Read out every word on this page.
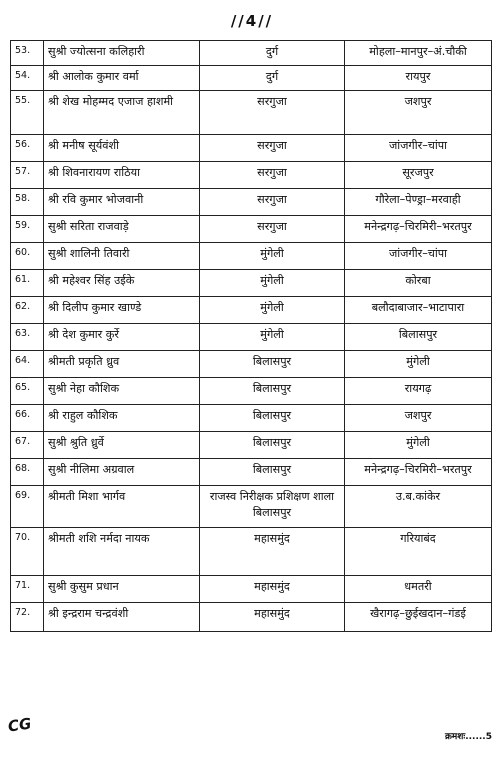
//4//
53.	सुश्री ज्योत्सना कलिहारी	दुर्ग	मोहला–मानपुर–अं.चौकी
54.	श्री आलोक कुमार वर्मा	दुर्ग	रायपुर
55.	श्री शेख मोहम्मद एजाज हाशमी	सरगुजा	जशपुर
56.	श्री मनीष सूर्यवंशी	सरगुजा	जांजगीर–चांपा
57.	श्री शिवनारायण राठिया	सरगुजा	सूरजपुर
58.	श्री रवि कुमार भोजवानी	सरगुजा	गौरेला–पेण्ड्रा–मरवाही
59.	सुश्री सरिता राजवाड़े	सरगुजा	मनेन्द्रगढ़–चिरमिरी–भरतपुर
60.	सुश्री शालिनी तिवारी	मुंगेली	जांजगीर–चांपा
61.	श्री महेश्वर सिंह उईके	मुंगेली	कोरबा
62.	श्री दिलीप कुमार खाण्डे	मुंगेली	बलौदाबाजार–भाटापारा
63.	श्री देश कुमार कुर्रे	मुंगेली	बिलासपुर
64.	श्रीमती प्रकृति ध्रुव	बिलासपुर	मुंगेली
65.	सुश्री नेहा कौशिक	बिलासपुर	रायगढ़
66.	श्री राहुल कौशिक	बिलासपुर	जशपुर
67.	सुश्री श्रुति ध्रुर्वे	बिलासपुर	मुंगेली
68.	सुश्री नीलिमा अग्रवाल	बिलासपुर	मनेन्द्रगढ़–चिरमिरी–भरतपुर
69.	श्रीमती मिशा भार्गव	राजस्व निरीक्षक प्रशिक्षण शाला बिलासपुर	उ.ब.कांकेर
70.	श्रीमती शशि नर्मदा नायक	महासमुंद	गरियाबंद
71.	सुश्री कुसुम प्रधान	महासमुंद	धमतरी
72.	श्री इन्द्रराम चन्द्रवंशी	महासमुंद	खैरागढ़–छुईखदान–गंडई
CG
क्रमशः......5
